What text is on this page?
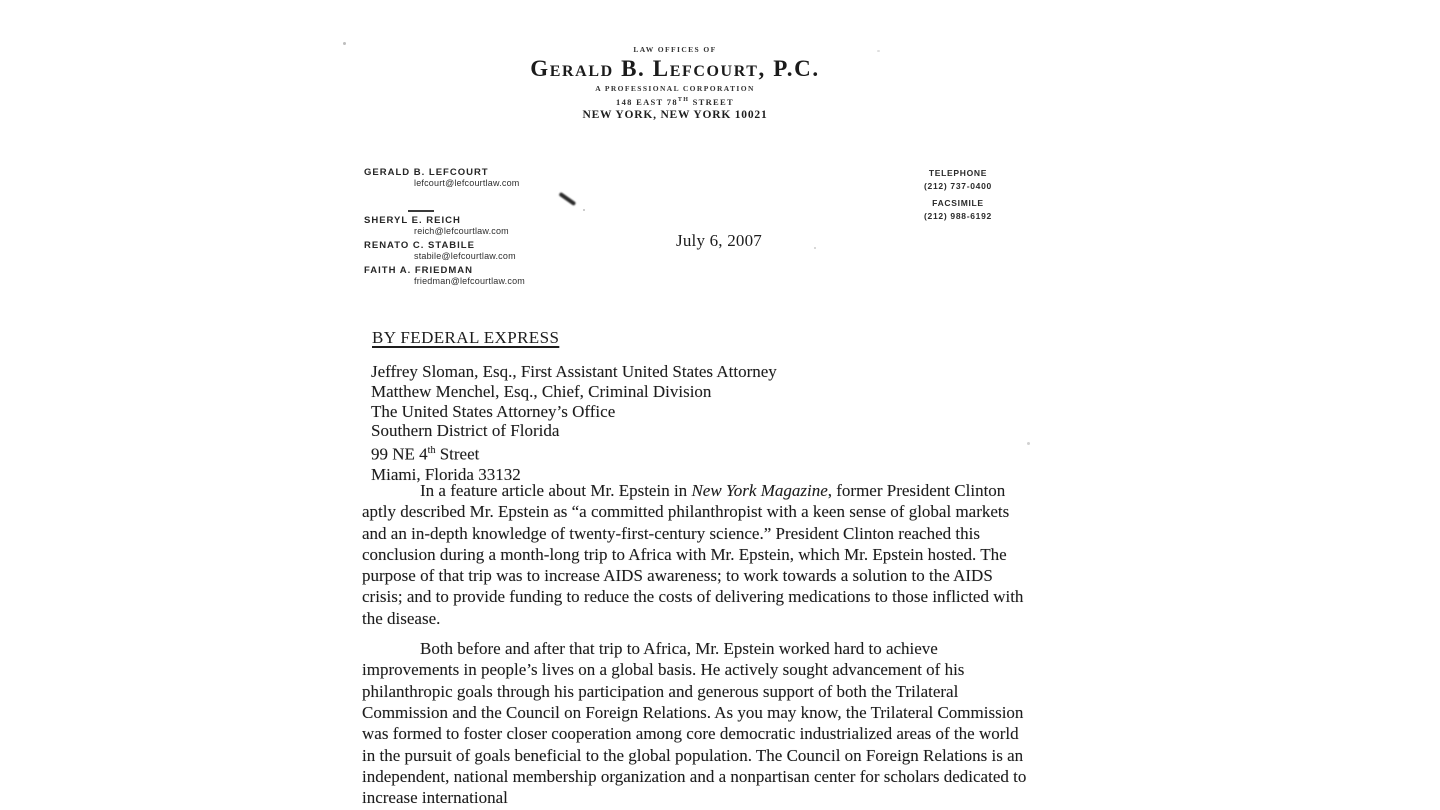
LAW OFFICES OF
Gerald B. Lefcourt, P.C.
A PROFESSIONAL CORPORATION
148 EAST 78TH STREET
NEW YORK, NEW YORK 10021
GERALD B. LEFCOURT
lefcourt@lefcourtlaw.com
SHERYL E. REICH
reich@lefcourtlaw.com
RENATO C. STABILE
stabile@lefcourtlaw.com
FAITH A. FRIEDMAN
friedman@lefcourtlaw.com
TELEPHONE
(212) 737-0400
FACSIMILE
(212) 988-6192
July 6, 2007
BY FEDERAL EXPRESS
Jeffrey Sloman, Esq., First Assistant United States Attorney
Matthew Menchel, Esq., Chief, Criminal Division
The United States Attorney’s Office
Southern District of Florida
99 NE 4th Street
Miami, Florida 33132

In a feature article about Mr. Epstein in New York Magazine, former President Clinton aptly described Mr. Epstein as “a committed philanthropist with a keen sense of global markets and an in-depth knowledge of twenty-first-century science.” President Clinton reached this conclusion during a month-long trip to Africa with Mr. Epstein, which Mr. Epstein hosted. The purpose of that trip was to increase AIDS awareness; to work towards a solution to the AIDS crisis; and to provide funding to reduce the costs of delivering medications to those inflicted with the disease.

Both before and after that trip to Africa, Mr. Epstein worked hard to achieve improvements in people’s lives on a global basis. He actively sought advancement of his philanthropic goals through his participation and generous support of both the Trilateral Commission and the Council on Foreign Relations. As you may know, the Trilateral Commission was formed to foster closer cooperation among core democratic industrialized areas of the world in the pursuit of goals beneficial to the global population. The Council on Foreign Relations is an independent, national membership organization and a nonpartisan center for scholars dedicated to increase international
